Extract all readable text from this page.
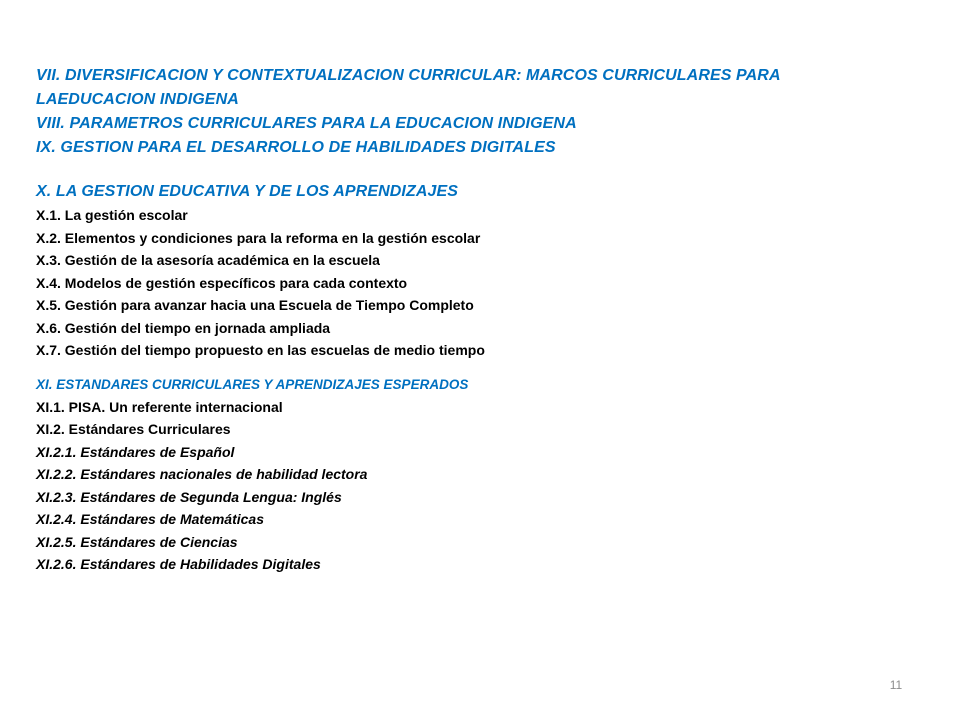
VII. DIVERSIFICACION Y CONTEXTUALIZACION CURRICULAR: MARCOS CURRICULARES PARA

LAEDUCACION INDIGENA

VIII. PARAMETROS CURRICULARES PARA LA EDUCACION INDIGENA

IX. GESTION PARA EL DESARROLLO DE HABILIDADES DIGITALES

X. LA GESTION EDUCATIVA Y DE LOS APRENDIZAJES

X.1. La gestión escolar

X.2. Elementos y condiciones para la reforma en la gestión escolar

X.3. Gestión de la asesoría académica en la escuela

X.4. Modelos de gestión específicos para cada contexto

X.5. Gestión para avanzar hacia una Escuela de Tiempo Completo

X.6. Gestión del tiempo en jornada ampliada

X.7. Gestión del tiempo propuesto en las escuelas de medio tiempo

XI. ESTANDARES CURRICULARES Y APRENDIZAJES ESPERADOS

XI.1. PISA. Un referente internacional

XI.2. Estándares Curriculares

XI.2.1. Estándares de Español

XI.2.2. Estándares nacionales de habilidad lectora

XI.2.3. Estándares de Segunda Lengua: Inglés

XI.2.4. Estándares de Matemáticas

XI.2.5. Estándares de Ciencias

XI.2.6. Estándares de Habilidades Digitales

11
